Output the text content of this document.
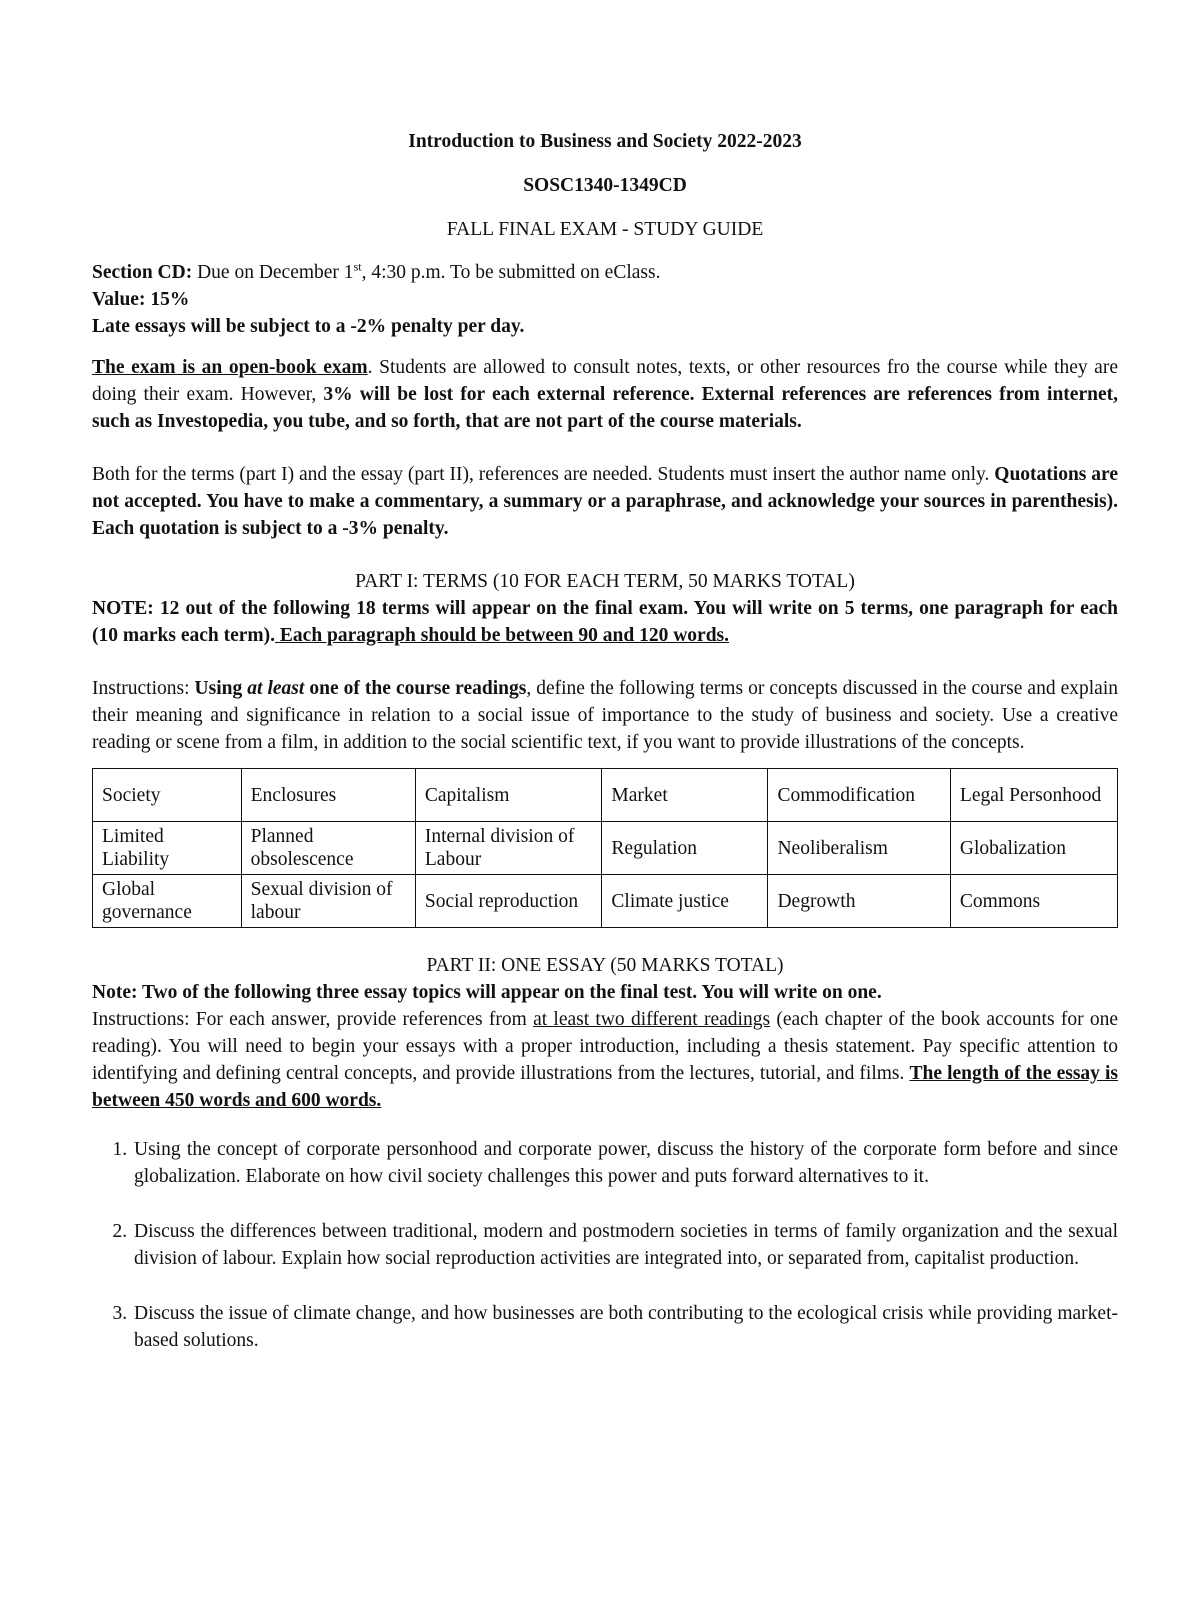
Introduction to Business and Society 2022-2023

SOSC1340-1349CD

FALL FINAL EXAM - STUDY GUIDE

Section CD: Due on December 1st, 4:30 p.m. To be submitted on eClass.

Value: 15%

Late essays will be subject to a -2% penalty per day.

The exam is an open-book exam. Students are allowed to consult notes, texts, or other resources fro the course while they are doing their exam. However, 3% will be lost for each external reference. External references are references from internet, such as Investopedia, you tube, and so forth, that are not part of the course materials.

Both for the terms (part I) and the essay (part II), references are needed. Students must insert the author name only. Quotations are not accepted. You have to make a commentary, a summary or a paraphrase, and acknowledge your sources in parenthesis). Each quotation is subject to a -3% penalty.

PART I: TERMS (10 FOR EACH TERM, 50 MARKS TOTAL)

NOTE: 12 out of the following 18 terms will appear on the final exam. You will write on 5 terms, one paragraph for each (10 marks each term). Each paragraph should be between 90 and 120 words.

Instructions: Using at least one of the course readings, define the following terms or concepts discussed in the course and explain their meaning and significance in relation to a social issue of importance to the study of business and society. Use a creative reading or scene from a film, in addition to the social scientific text, if you want to provide illustrations of the concepts.

Society	Enclosures	Capitalism	Market	Commodification	Legal Personhood
Limited Liability	Planned obsolescence	Internal division of Labour	Regulation	Neoliberalism	Globalization
Global governance	Sexual division of labour	Social reproduction	Climate justice	Degrowth	Commons

PART II: ONE ESSAY (50 MARKS TOTAL)

Note: Two of the following three essay topics will appear on the final test. You will write on one.

Instructions: For each answer, provide references from at least two different readings (each chapter of the book accounts for one reading). You will need to begin your essays with a proper introduction, including a thesis statement. Pay specific attention to identifying and defining central concepts, and provide illustrations from the lectures, tutorial, and films. The length of the essay is between 450 words and 600 words.

1. Using the concept of corporate personhood and corporate power, discuss the history of the corporate form before and since globalization. Elaborate on how civil society challenges this power and puts forward alternatives to it.
2. Discuss the differences between traditional, modern and postmodern societies in terms of family organization and the sexual division of labour. Explain how social reproduction activities are integrated into, or separated from, capitalist production.
3. Discuss the issue of climate change, and how businesses are both contributing to the ecological crisis while providing market-based solutions.
